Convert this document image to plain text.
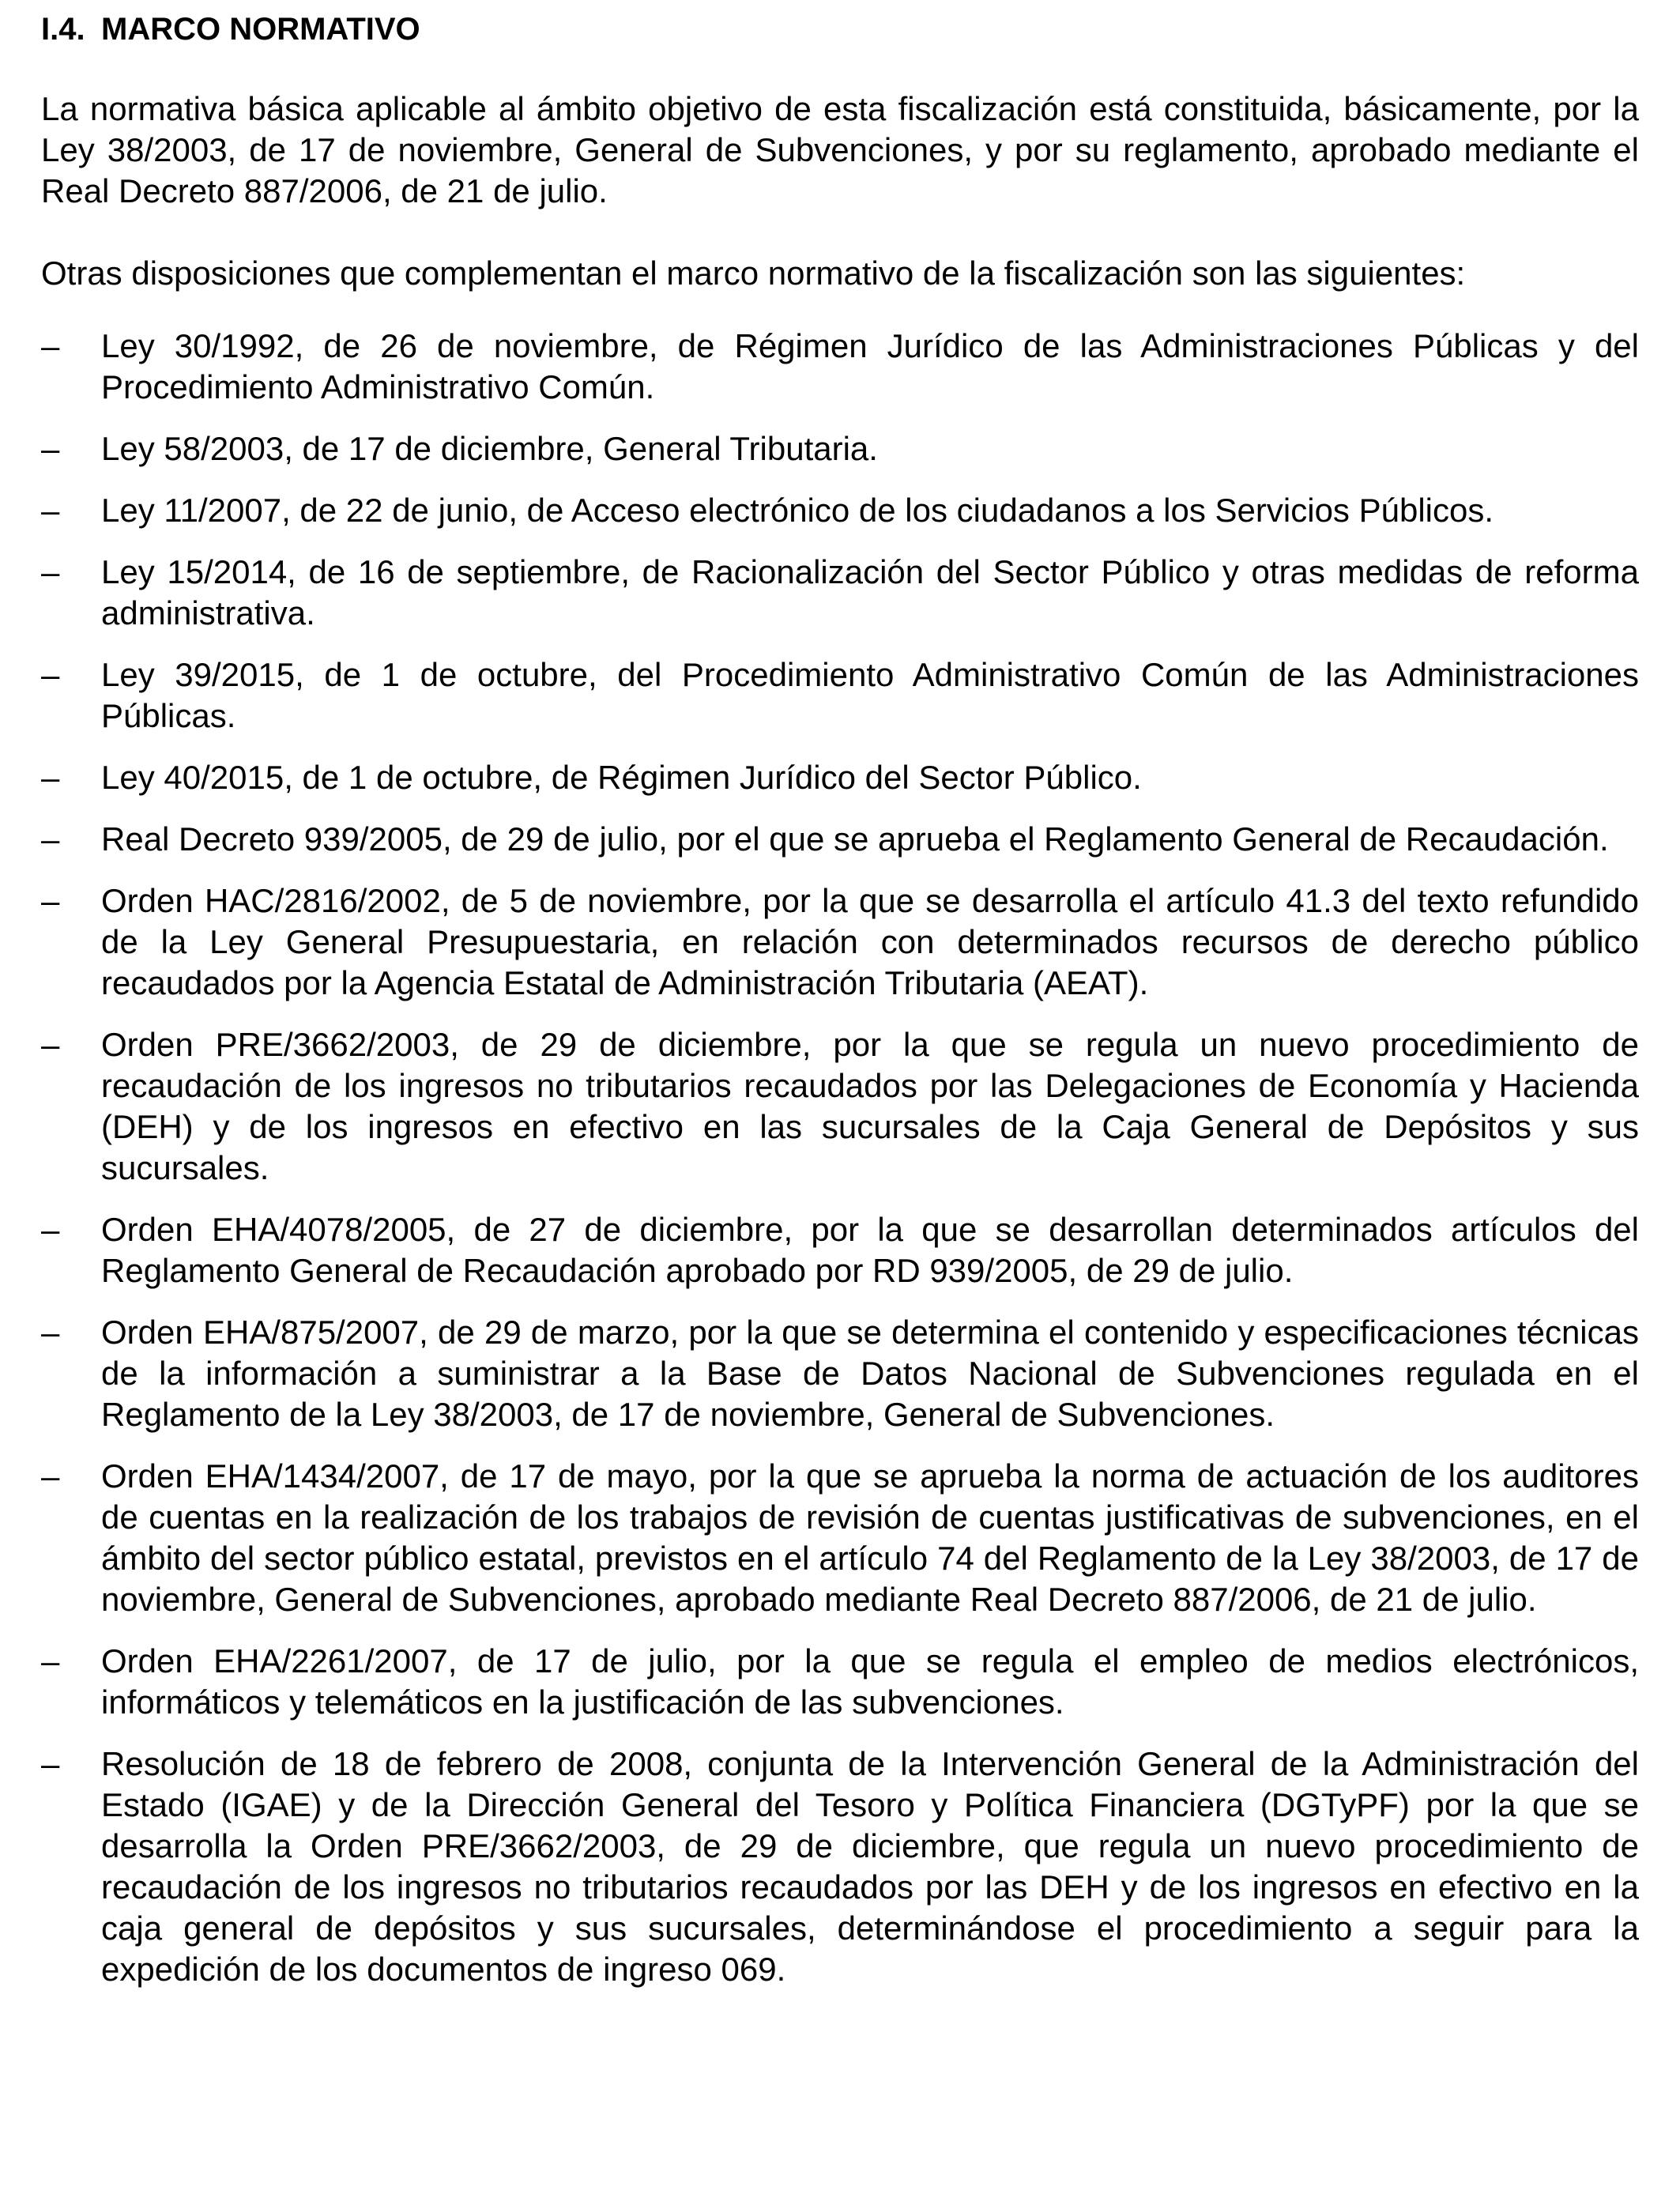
I.4. MARCO NORMATIVO

La normativa básica aplicable al ámbito objetivo de esta fiscalización está constituida, básicamente, por la Ley 38/2003, de 17 de noviembre, General de Subvenciones, y por su reglamento, aprobado mediante el Real Decreto 887/2006, de 21 de julio.

Otras disposiciones que complementan el marco normativo de la fiscalización son las siguientes:

–	Ley 30/1992, de 26 de noviembre, de Régimen Jurídico de las Administraciones Públicas y del Procedimiento Administrativo Común.
–	Ley 58/2003, de 17 de diciembre, General Tributaria.
–	Ley 11/2007, de 22 de junio, de Acceso electrónico de los ciudadanos a los Servicios Públicos.
–	Ley 15/2014, de 16 de septiembre, de Racionalización del Sector Público y otras medidas de reforma administrativa.
–	Ley 39/2015, de 1 de octubre, del Procedimiento Administrativo Común de las Administraciones Públicas.
–	Ley 40/2015, de 1 de octubre, de Régimen Jurídico del Sector Público.
–	Real Decreto 939/2005, de 29 de julio, por el que se aprueba el Reglamento General de Recaudación.
–	Orden HAC/2816/2002, de 5 de noviembre, por la que se desarrolla el artículo 41.3 del texto refundido de la Ley General Presupuestaria, en relación con determinados recursos de derecho público recaudados por la Agencia Estatal de Administración Tributaria (AEAT).
–	Orden PRE/3662/2003, de 29 de diciembre, por la que se regula un nuevo procedimiento de recaudación de los ingresos no tributarios recaudados por las Delegaciones de Economía y Hacienda (DEH) y de los ingresos en efectivo en las sucursales de la Caja General de Depósitos y sus sucursales.
–	Orden EHA/4078/2005, de 27 de diciembre, por la que se desarrollan determinados artículos del Reglamento General de Recaudación aprobado por RD 939/2005, de 29 de julio.
–	Orden EHA/875/2007, de 29 de marzo, por la que se determina el contenido y especificaciones técnicas de la información a suministrar a la Base de Datos Nacional de Subvenciones regulada en el Reglamento de la Ley 38/2003, de 17 de noviembre, General de Subvenciones.
–	Orden EHA/1434/2007, de 17 de mayo, por la que se aprueba la norma de actuación de los auditores de cuentas en la realización de los trabajos de revisión de cuentas justificativas de subvenciones, en el ámbito del sector público estatal, previstos en el artículo 74 del Reglamento de la Ley 38/2003, de 17 de noviembre, General de Subvenciones, aprobado mediante Real Decreto 887/2006, de 21 de julio.
–	Orden EHA/2261/2007, de 17 de julio, por la que se regula el empleo de medios electrónicos, informáticos y telemáticos en la justificación de las subvenciones.
–	Resolución de 18 de febrero de 2008, conjunta de la Intervención General de la Administración del Estado (IGAE) y de la Dirección General del Tesoro y Política Financiera (DGTyPF) por la que se desarrolla la Orden PRE/3662/2003, de 29 de diciembre, que regula un nuevo procedimiento de recaudación de los ingresos no tributarios recaudados por las DEH y de los ingresos en efectivo en la caja general de depósitos y sus sucursales, determinándose el procedimiento a seguir para la expedición de los documentos de ingreso 069.
